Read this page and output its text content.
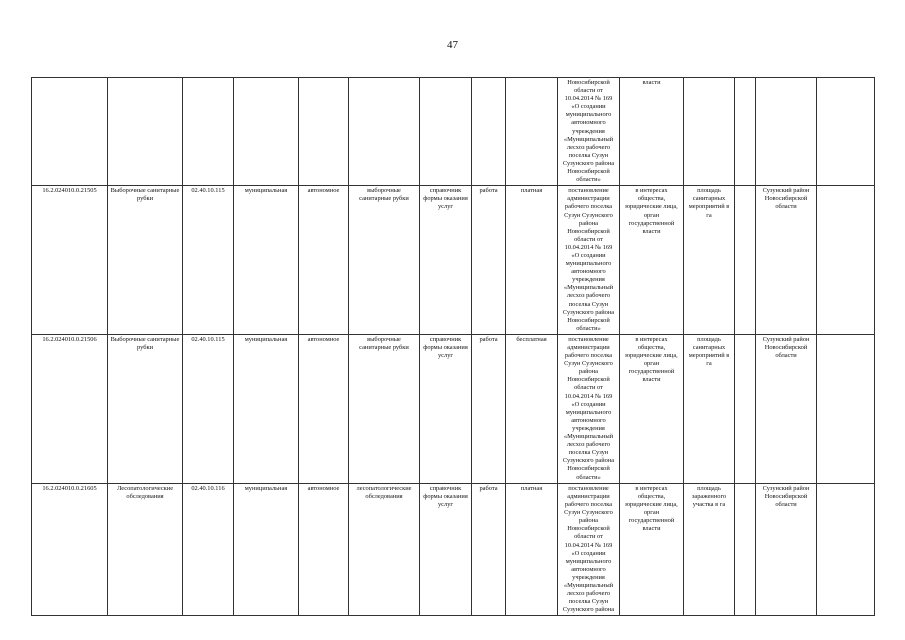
47
									Новосибирской области от 10.04.2014 № 169 «О создании муниципального автономного учреждения «Муниципальный лесхоз рабочего поселка Сузун Сузунского района Новосибирской области»	власти				
16.2.024010.0.21505	Выборочные санитарные рубки	02.40.10.115	муниципальная	автономное	выборочные санитарные рубки	справочник формы оказания услуг	работа	платная	постановление администрации рабочего поселка Сузун Сузунского района Новосибирской области от 10.04.2014 № 169 «О создании муниципального автономного учреждения «Муниципальный лесхоз рабочего поселка Сузун Сузунского района Новосибирской области»	в интересах общества, юридические лица, орган государственной власти	площадь санитарных мероприятий в га		Сузунский район Новосибирской области	
16.2.024010.0.21506	Выборочные санитарные рубки	02.40.10.115	муниципальная	автономное	выборочные санитарные рубки	справочник формы оказания услуг	работа	бесплатная	постановление администрации рабочего поселка Сузун Сузунского района Новосибирской области от 10.04.2014 № 169 «О создании муниципального автономного учреждения «Муниципальный лесхоз рабочего поселка Сузун Сузунского района Новосибирской области»	в интересах общества, юридические лица, орган государственной власти	площадь санитарных мероприятий в га		Сузунский район Новосибирской области	
16.2.024010.0.21605	Лесопатологические обследования	02.40.10.116	муниципальная	автономное	лесопатологические обследования	справочник формы оказания услуг	работа	платная	постановление администрации рабочего поселка Сузун Сузунского района Новосибирской области от 10.04.2014 № 169 «О создании муниципального автономного учреждения «Муниципальный лесхоз рабочего поселка Сузун Сузунского района	в интересах общества, юридические лица, орган государственной власти	площадь зараженного участка в га		Сузунский район Новосибирской области	
